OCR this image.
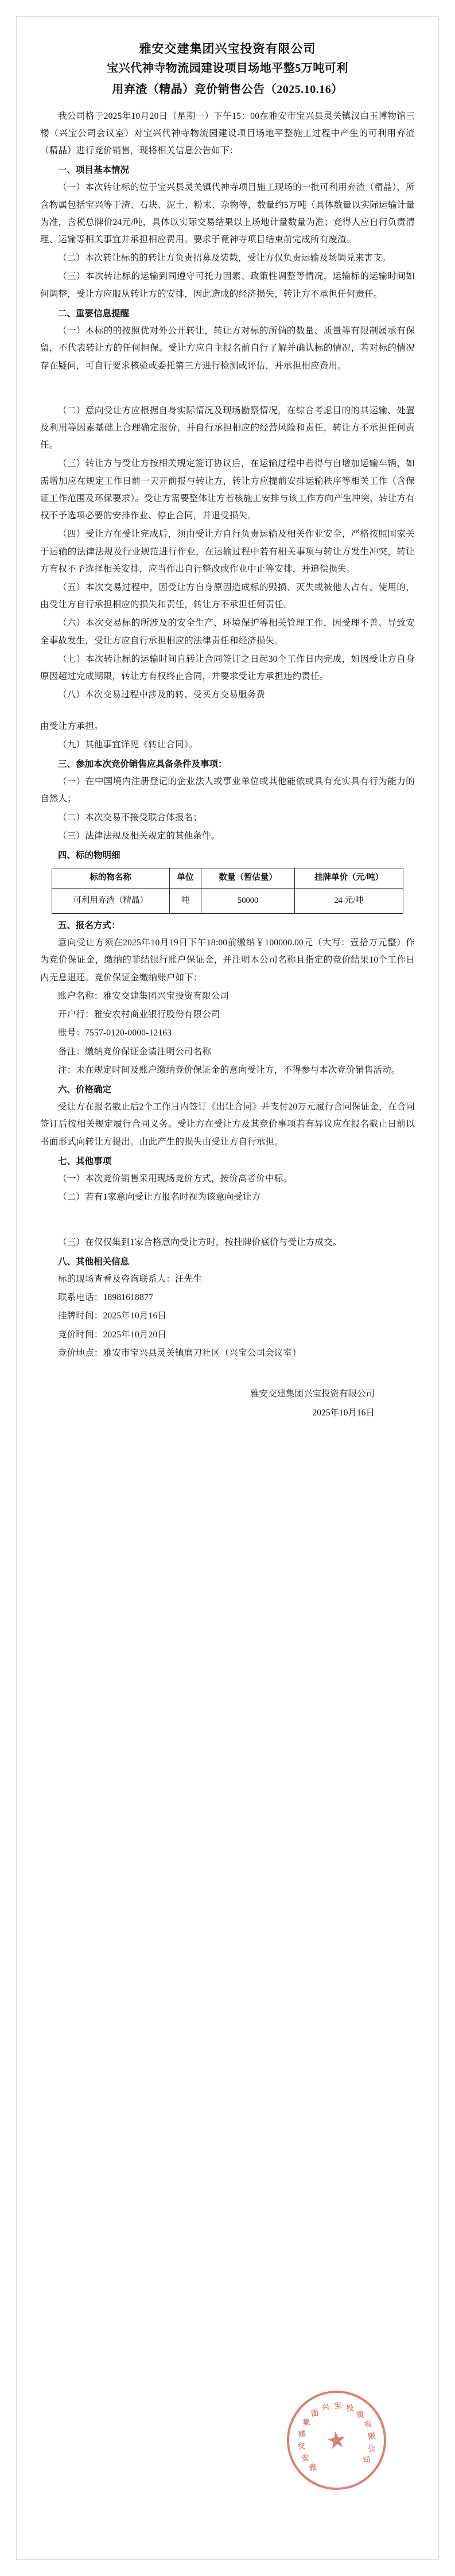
雅安交建集团兴宝投资有限公司
宝兴代神寺物流园建设项目场地平整5万吨可利
用弃渣（精晶）竞价销售公告（2025.10.16）

我公司格于2025年10月20日（星期一）下午15：00在雅安市宝兴县灵关镇汉白玉博物馆三楼（兴宝公司会议室）对宝兴代神寺物流园建设项目场地平整施工过程中产生的可利用弃渣（精晶）进行竞价销售，现将相关信息公告如下：

一、项目基本情况

（一）本次转让标的位于宝兴县灵关镇代神寺项目施工现场的一批可利用弃渣（精晶），所含物属包括宝兴等于渣、石块、泥土、粉末、杂物等，数量约5万吨（具体数量以实际运输计量为准，含税总牌价24元/吨，具体以实际交易结果以上场地计量数量为准；竞得人应自行负责清理、运输等相关事宜并承担相应费用。要求于竟神寺项目结束前完成所有废渣。

（二）本次转让标的的转让方负责招募及装载，受让方仅负责运输及场调兑来害支。

（三）本次转让标的运输到同遵守可托力因素、政策性调整等情况，运输标的运输时间如何调整，受让方应服从转让方的安排，因此造成的经济损失，转让方不承担任何责任。

二、重要信息提醒

（一）本标的的按照优对外公开转让，转让方对标的所倘的数量、质量等有限制属承有保留，不代表转让方的任何担保。受让方应自主报名前自行了解并确认标的情况，若对标的情况存在疑问，可自行要求核验或委托第三方进行检测或评估，并承担相应费用。

（二）意向受让方应根据自身实际情况及现场勘察情况，在综合考虑目的的其运输、处置及利用等因素基础上合理确定报价，并自行承担相应的经营风险和责任，转让方不承担任何责任。

（三）转让方与受让方按相关规定签订协议后，在运输过程中若得与自增加运输车辆，如需增加应在规定工作日前一天开前报与转让方，转让方应提前安排运输秩序等相关工作（含保证工作范围及环保要求）。受让方需要整体让方若核施工安排与该工作方向产生冲突，转让方有权不予选项必要的安排作业、停止合同，并退受损失。

（四）受让方在受让完成后，须由受让方自行负责运输及相关作业安全，严格按照国家关于运输的法律法规及行业规范进行作业，在运输过程中若有相关事项与转让方发生冲突，转让方有权不予选择相关安排，应当作出自行整改或作业中止等安排，并追偿损失。

（五）本次交易过程中，因受让方自身原因造成标的毁损、灭失或被他人占有、使用的，由受让方自行承担相应的损失和责任，转让方不承担任何责任。

（六）本次交易标的所涉及的安全生产、环境保护等相关管理工作，因受理不善、导致安全事故发生，受让方应自行承担相应的法律责任和经济损失。

（七）本次转让标的运输时间自转让合同签订之日起30个工作日内完成，如因受让方自身原因超过完成期限，转让方有权终止合同，并要求受让方承担违约责任。

（八）本次交易过程中涉及的转、受买方交易服务费

由受让方承担。

（九）其他事宜详见《转让合同》。

三、参加本次竞价销售应具备条件及事项：

（一）在中国境内注册登记的企业法人或事业单位或其他能依或具有充实具有行为能力的自然人；

（二）本次交易不接受联合体报名；

（三）法律法规及相关规定的其他条件。

四、标的物明细

标的物名称	单位	数量（暂估量）	挂牌单价（元/吨）
可利用弃渣（精晶）	吨	50000	24 元/吨

五、报名方式：

意向受让方须在2025年10月19日下午18:00前缴纳￥100000.00元（大写：壹拾万元整）作为竞价保证金，缴纳的非结银行账户保证金，并注明本公司名称且指定的竞价结果10个工作日内无息退还。竞价保证金缴纳账户如下：

账户名称：雅安交建集团兴宝投资有限公司

开户行：雅安农村商业银行股份有限公司

账号：7557-0120-0000-12163

备注：缴纳竞价保证金请注明公司名称

注：未在规定时间及账户缴纳竞价保证金的意向受让方，不得参与本次竞价销售活动。

六、价格确定

受让方在报名截止后2个工作日内签订《出让合同》并支付20万元履行合同保证金，在合同签订后按相关规定履行合同义务。受让方在受让方及其竞价事项若有异议应在报名截止日前以书面形式向转让方提出。由此产生的损失由受让方自行承担。

七、其他事项

（一）本次竞价销售采用现场竞价方式，按价高者价中标。

（二）若有1家意向受让方报名时视为该意向受让方

（三）在仅仅集到1家合格意向受让方时，按挂牌价底价与受让方成交。

八、其他相关信息

标的现场查看及咨询联系人：汪先生

联系电话：18981618877

挂牌时间：2025年10月16日

竞价时间：2025年10月20日

竞价地点：雅安市宝兴县灵关镇磨刀社区（兴宝公司会议室）

雅安交建集团兴宝投资有限公司
2025年10月16日
★
雅
安
交
建
集
团
兴 宝 投
资
有
限
公
司
